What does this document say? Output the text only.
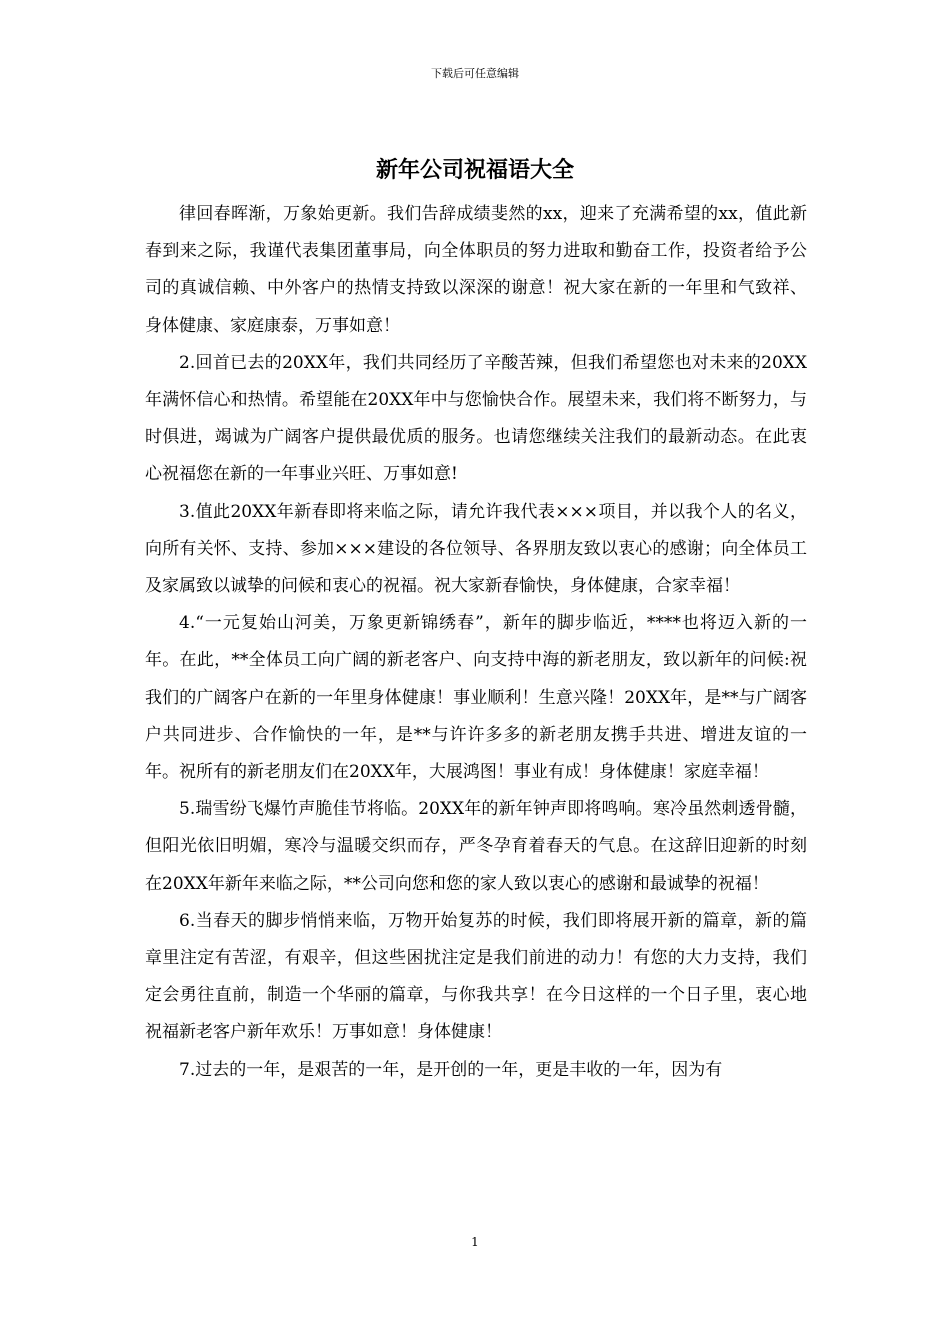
下载后可任意编辑
新年公司祝福语大全

律回春晖渐，万象始更新。我们告辞成绩斐然的xx，迎来了充满希望的xx，值此新春到来之际，我谨代表集团董事局，向全体职员的努力进取和勤奋工作，投资者给予公司的真诚信赖、中外客户的热情支持致以深深的谢意！祝大家在新的一年里和气致祥、身体健康、家庭康泰，万事如意！

2.回首已去的20XX年，我们共同经历了辛酸苦辣，但我们希望您也对未来的20XX年满怀信心和热情。希望能在20XX年中与您愉快合作。展望未来，我们将不断努力，与时俱进，竭诚为广阔客户提供最优质的服务。也请您继续关注我们的最新动态。在此衷心祝福您在新的一年事业兴旺、万事如意!

3.值此20XX年新春即将来临之际，请允许我代表×××项目，并以我个人的名义，向所有关怀、支持、参加×××建设的各位领导、各界朋友致以衷心的感谢；向全体员工及家属致以诚挚的问候和衷心的祝福。祝大家新春愉快，身体健康，合家幸福！

4.“一元复始山河美，万象更新锦绣春”，新年的脚步临近，****也将迈入新的一年。在此，**全体员工向广阔的新老客户、向支持中海的新老朋友，致以新年的问候:祝我们的广阔客户在新的一年里身体健康！事业顺利！生意兴隆！20XX年，是**与广阔客户共同进步、合作愉快的一年，是**与许许多多的新老朋友携手共进、增进友谊的一年。祝所有的新老朋友们在20XX年，大展鸿图！事业有成！身体健康！家庭幸福！

5.瑞雪纷飞爆竹声脆佳节将临。20XX年的新年钟声即将鸣响。寒冷虽然刺透骨髓，但阳光依旧明媚，寒冷与温暖交织而存，严冬孕育着春天的气息。在这辞旧迎新的时刻在20XX年新年来临之际，**公司向您和您的家人致以衷心的感谢和最诚挚的祝福！

6.当春天的脚步悄悄来临，万物开始复苏的时候，我们即将展开新的篇章，新的篇章里注定有苦涩，有艰辛，但这些困扰注定是我们前进的动力！有您的大力支持，我们定会勇往直前，制造一个华丽的篇章，与你我共享！在今日这样的一个日子里，衷心地祝福新老客户新年欢乐！万事如意！身体健康！

7.过去的一年，是艰苦的一年，是开创的一年，更是丰收的一年，因为有

1
